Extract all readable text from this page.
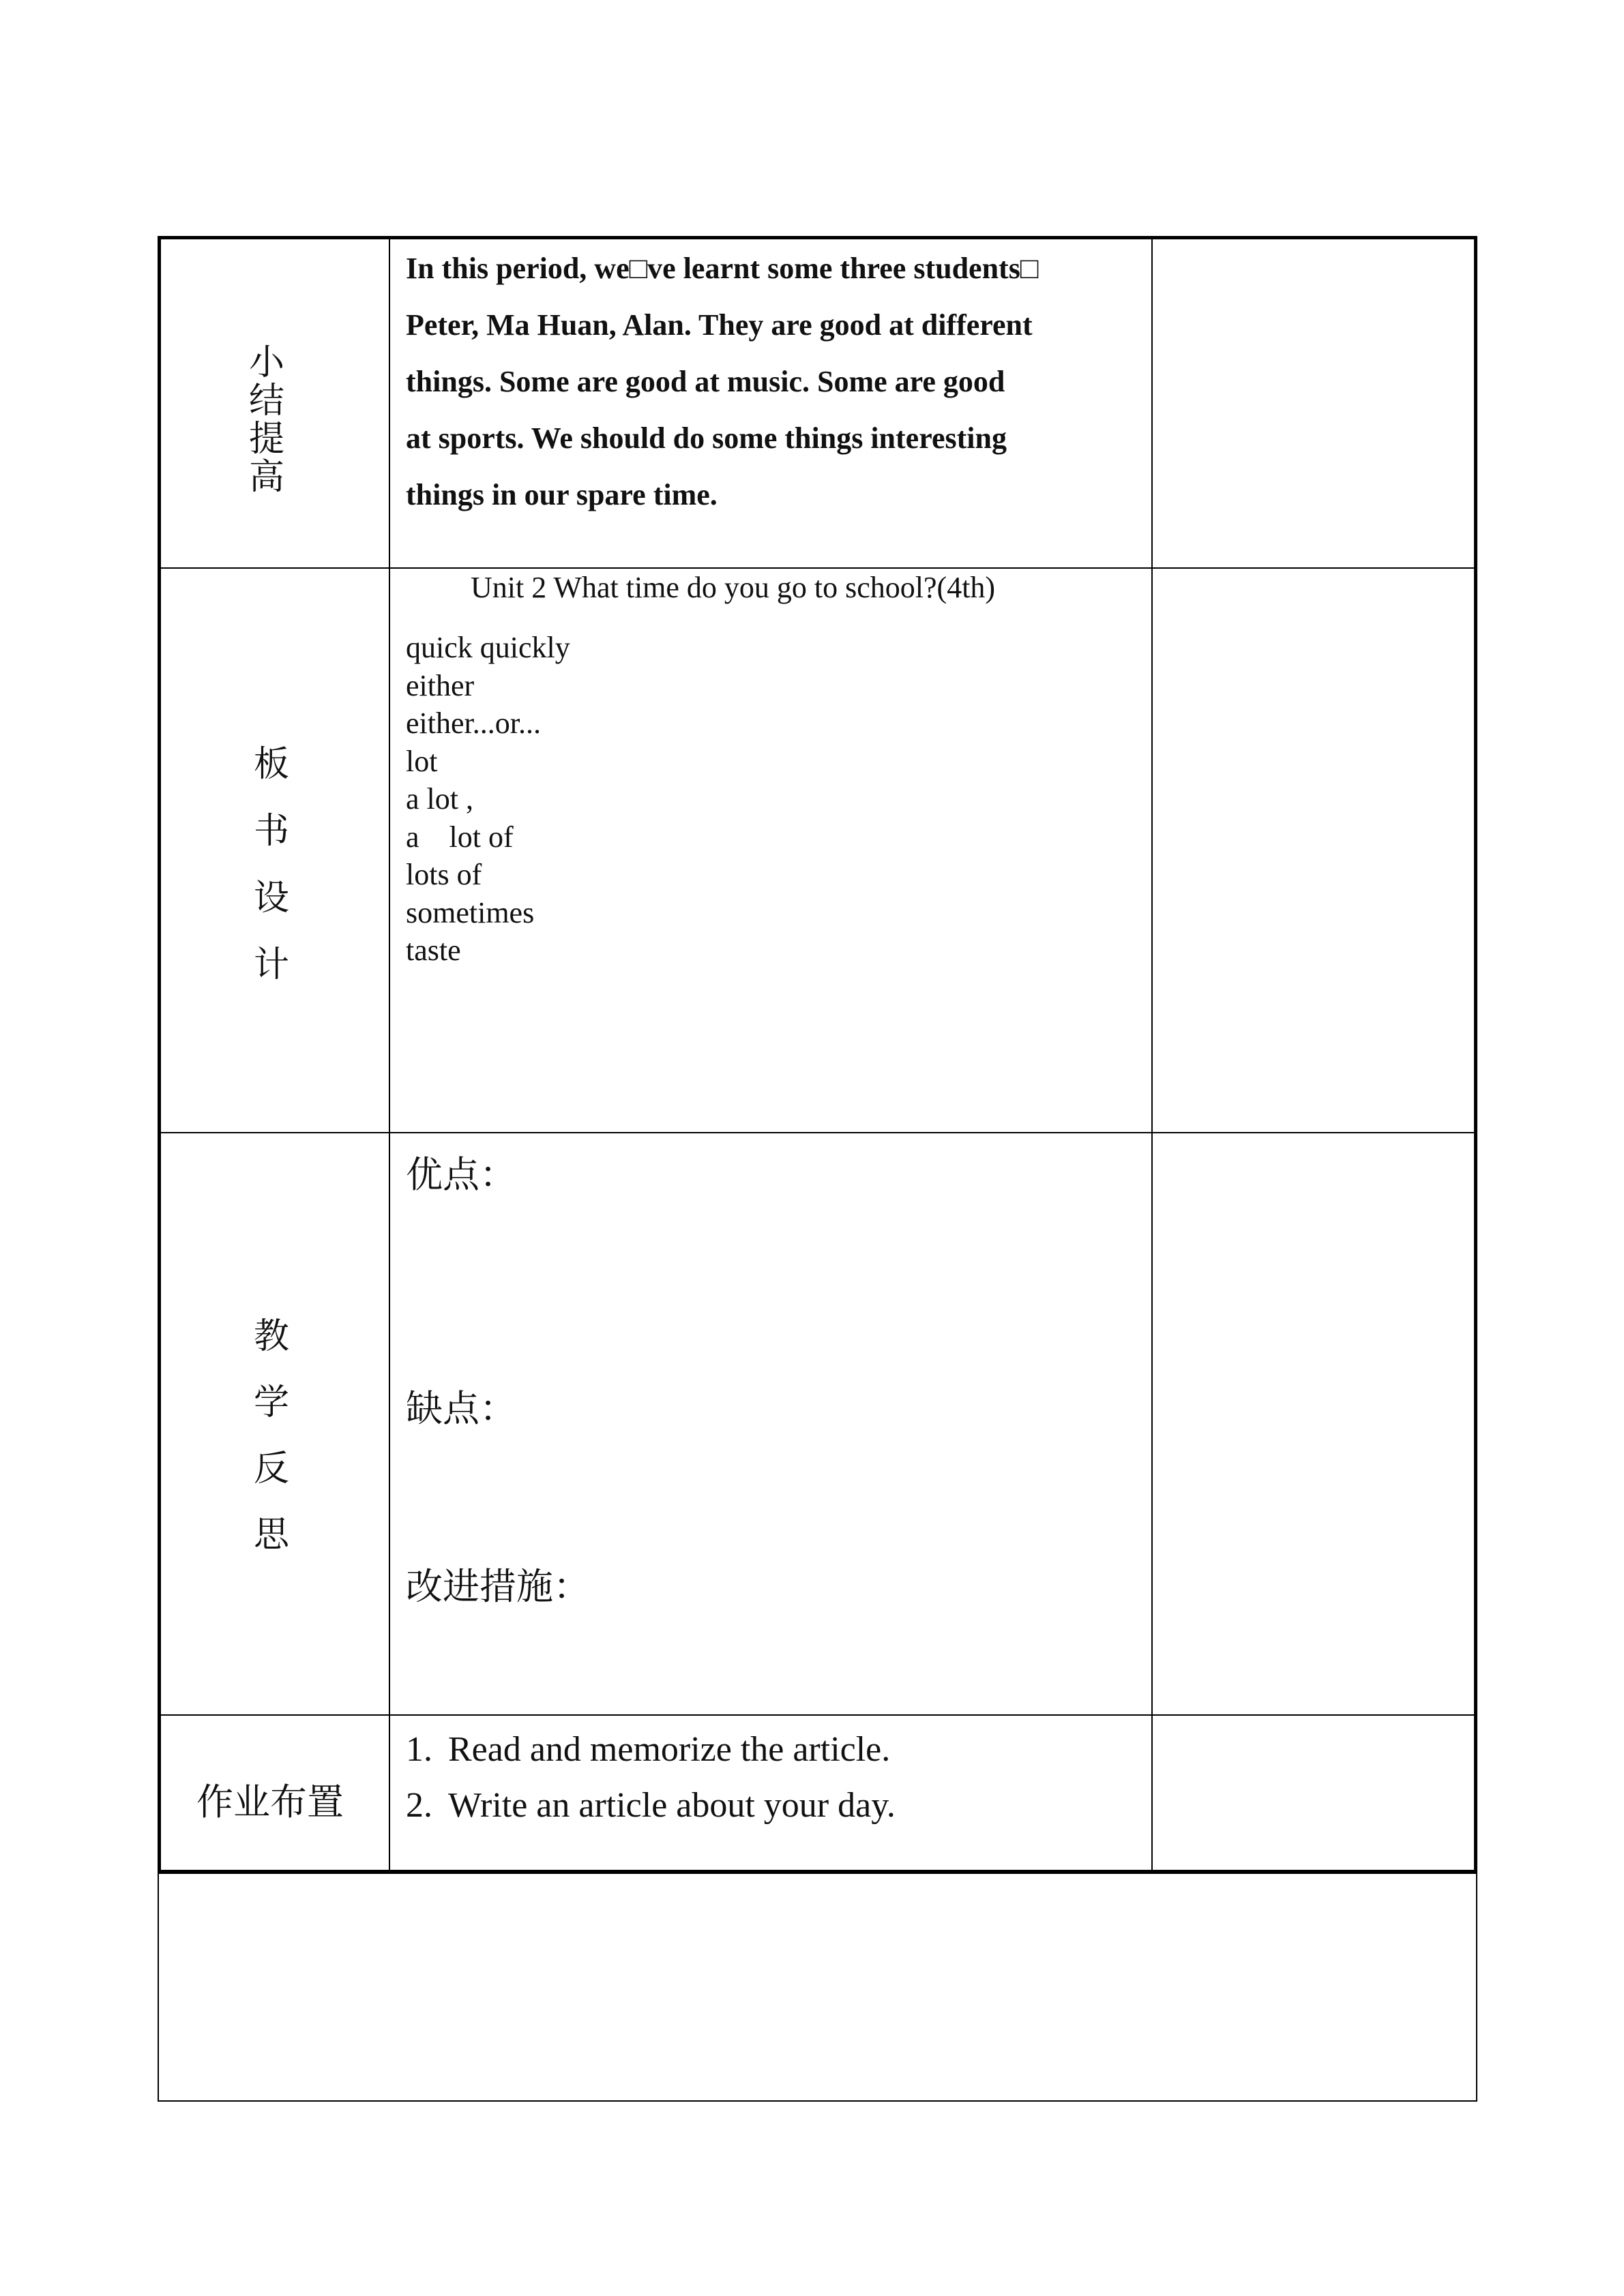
小
结
提
高

In this period, we□ve learnt some three students□

Peter, Ma Huan, Alan. They are good at different

things. Some are good at music. Some are good

at sports. We should do some things interesting

things in our spare time.

板
书
设
计
Unit 2 What time do you go to school?(4th)
quick quickly
either
either...or...
lot
a lot ,
a    lot of
lots of
sometimes
taste
教
学
反
思
优点：
缺点：
改进措施：
作业布置
1. Read and memorize the article.
2. Write an article about your day.
